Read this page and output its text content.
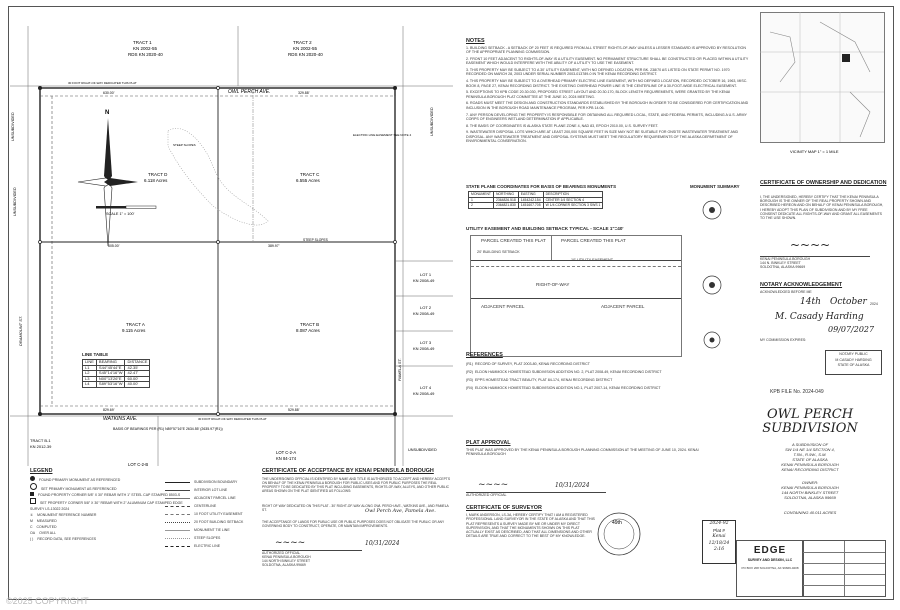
N
SCALE 1" = 100'
630.00'	329.88'
829.69'	529.88'
605.00'	389.97'
30 FOOT RIGHT-OF-WAY DEDICATED THIS PLAT
30 FOOT RIGHT-OF-WAY DEDICATED THIS PLAT
BASIS OF BEARINGS PER (R1) N89°57'16"E 2634.55' (2635.97'(R1))
OWL PERCH AVE.
WATKINS AVE.
DRAMOUNT ST.
PAMELA ST.
UNSUBDIVIDED
UNSUBDIVIDED
UNSUBDIVIDED
UNSUBDIVIDED
STEEP SLOPES
STEEP SLOPES
ELECTRIC LINE EASEMENT SEE NOTE 4
TRACT 1
KN 2002-55
RDS KN 2020-40
TRACT 2
KN 2002-55
RDS KN 2020-40
TRACT D
6.118 Acres
TRACT C
6.555 Acres
TRACT A
9.115 Acres
TRACT B
8.087 Acres
LOT 1
KN 2008-49
LOT 2
KN 2008-49
LOT 3
KN 2008-49
LOT 4
KN 2008-49
LOT C-2-A
KN 84-174
LOT C-2-B
TRACT B-1
KN 2012-39
LINE TABLE
LINE	BEARING	DISTANCE
L1	S44°45'44"E	42.35'
L2	S45°14'16"W	42.47'
L3	N00°13'26"E	60.00'
L4	S89°53'16"W	40.00'
NOTES
1. BUILDING SETBACK - A SETBACK OF 20 FEET IS REQUIRED FROM ALL STREET RIGHTS-OF-WAY UNLESS A LESSER STANDARD IS APPROVED BY RESOLUTION OF THE APPROPRIATE PLANNING COMMISSION.
2. FRONT 10 FEET ADJACENT TO RIGHTS-OF-WAY IS A UTILITY EASEMENT. NO PERMANENT STRUCTURE SHALL BE CONSTRUCTED OR PLACED WITHIN A UTILITY EASEMENT WHICH WOULD INTERFERE WITH THE ABILITY OF A UTILITY TO USE THE EASEMENT.
3. THIS PROPERTY MAY BE SUBJECT TO A 30' UTILITY EASEMENT, WITH NO DEFINED LOCATION, PER BK. 238/70 AS LISTED ON STATE PERMIT NO. 1970 RECORDED ON MARCH 28, 2003 UNDER SERIAL NUMBER 2003-013789-0 IN THE KENAI RECORDING DISTRICT.
4. THIS PROPERTY MAY BE SUBJECT TO A OVERHEAD PRIMARY ELECTRIC LINE EASEMENT, WITH NO DEFINED LOCATION, RECORDED OCTOBER 16, 1963, MISC. BOOK 8, PAGE 27, KENAI RECORDING DISTRICT. THE EXISTING OVERHEAD POWER LINE IS THE CENTERLINE OF A 30-FOOT-WIDE ELECTRICAL EASEMENT.
5. EXCEPTIONS TO KPB CODE 20.30.030, PROPOSED STREET LAYOUT AND 20.30.170, BLOCK LENGTH REQUIREMENTS, WERE GRANTED BY THE KENAI PENINSULA BOROUGH PLAT COMMITTEE AT THE JUNE 10, 2024 MEETING.
6. ROADS MUST MEET THE DESIGN AND CONSTRUCTION STANDARDS ESTABLISHED BY THE BOROUGH IN ORDER TO BE CONSIDERED FOR CERTIFICATION AND INCLUSION IN THE BOROUGH ROAD MAINTENANCE PROGRAM, PER KPB 14.06.
7. ANY PERSON DEVELOPING THE PROPERTY IS RESPONSIBLE FOR OBTAINING ALL REQUIRED LOCAL, STATE, AND FEDERAL PERMITS, INCLUDING A U.S. ARMY CORPS OF ENGINEERS WETLAND DETERMINATION IF APPLICABLE.
8. THE BASIS OF COORDINATES IS ALASKA STATE PLANE ZONE 4, NAD 83, EPOCH 2010.00, U.S. SURVEY FEET.
9. WASTEWATER DISPOSAL LOTS WHICH ARE AT LEAST 200,000 SQUARE FEET IN SIZE MAY NOT BE SUITABLE FOR ONSITE WASTEWATER TREATMENT AND DISPOSAL. ANY WASTEWATER TREATMENT AND DISPOSAL SYSTEMS MUST MEET THE REGULATORY REQUIREMENTS OF THE ALASKA DEPARTMENT OF ENVIRONMENTAL CONSERVATION.
STATE PLANE COORDINATES FOR BASIS OF BEARINGS MONUMENTS
MONUMENT	NORTHING	EASTING	DESCRIPTION
1	2364826.518	1454242.154	CENTER 1/4 SECTION 4
2	2364821.830	1451607.705	W 1/4 CORNER SECTION 3 SWS 1
MONUMENT SUMMARY
UTILITY EASEMENT AND BUILDING SETBACK TYPICAL - SCALE 1"=40'
PARCEL CREATED THIS PLAT	PARCEL CREATED THIS PLAT
20' BUILDING SETBACK
10' UTILITY EASEMENT
RIGHT-OF-WAY
ADJACENT PARCEL	ADJACENT PARCEL
REFERENCES
(R1) RECORD OF SURVEY, PLAT 2003-80, KENAI RECORDING DISTRICT
(R2) ELDON HAMMOCK HOMESTEAD SUBDIVISION ADDITION NO. 2, PLAT 2008-49, KENAI RECORDING DISTRICT
(R3) EPPS HOMESTEAD TRACT BEAUTY, PLAT 84-174, KENAI RECORDING DISTRICT
(R4) ELDON HAMMOCK HOMESTEAD SUBDIVISION ADDITION NO.1, PLAT 2007-14, KENAI RECORDING DISTRICT
PLAT APPROVAL
THIS PLAT WAS APPROVED BY THE KENAI PENINSULA BOROUGH PLANNING COMMISSION AT THE MEETING OF JUNE 10, 2024. KENAI PENINSULA BOROUGH
~~~~	10/31/2024
AUTHORIZED OFFICIAL
CERTIFICATE OF SURVEYOR
I, MARK ANDERSON, LS-3A, HEREBY CERTIFY THAT I AM A REGISTERED PROFESSIONAL LAND SURVEYOR IN THE STATE OF ALASKA AND THAT THIS PLAT REPRESENTS A SURVEY MADE BY ME OR UNDER MY DIRECT SUPERVISION, AND THAT THE MONUMENTS SHOWN ON THIS PLAT ACTUALLY EXIST AS DESCRIBED, AND THAT ALL DIMENSIONS AND OTHER DETAILS ARE TRUE AND CORRECT TO THE BEST OF MY KNOWLEDGE.
49th
LEGEND
FOUND PRIMARY MONUMENT AS REFERENCED
SET PRIMARY MONUMENT AS REFERENCED
FOUND PROPERTY CORNER 5/8" X 30" REBAR WITH 1" STEEL CAP STAMPED 8503-S
SET PROPERTY CORNER 5/8" X 30" REBAR WITH 2" ALUMINUM CAP STAMPED EDGE SURVEY LS-13022 2024
① MONUMENT REFERENCE NUMBER
M MEASURED
C COMPUTED
OA OVER ALL
( ) RECORD DATA, SEE REFERENCES
SUBDIVISION BOUNDARY
INTERIOR LOT LINE
ADJACENT PARCEL LINE
CENTERLINE
10 FOOT UTILITY EASEMENT
20 FOOT BUILDING SETBACK
MONUMENT TIE LINE
STEEP SLOPES
ELECTRIC LINE
CERTIFICATE OF ACCEPTANCE BY KENAI PENINSULA BOROUGH
THE UNDERSIGNED OFFICIAL IS IDENTIFIED BY NAME AND TITLE IS AUTHORIZED TO ACCEPT AND HEREBY ACCEPTS ON BEHALF OF THE KENAI PENINSULA BOROUGH FOR PUBLIC USES AND FOR PUBLIC PURPOSES THE REAL PROPERTY TO BE DEDICATED BY THIS PLAT INCLUDING EASEMENTS, RIGHTS-OF-WAY, ALLEYS, AND OTHER PUBLIC AREAS SHOWN ON THE PLAT IDENTIFIED AS FOLLOWS:
RIGHT OF WAY DEDICATED ON THIS PLAT - 30' RIGHT-OF-WAY ALONG OWL PERCH AVE., WATKINS AVE., AND PAMELA ST.	Owl Perch Ave, Pamela Ave.
THE ACCEPTANCE OF LANDS FOR PUBLIC USE OR PUBLIC PURPOSES DOES NOT OBLIGATE THE PUBLIC OR ANY GOVERNING BODY TO CONSTRUCT, OPERATE, OR MAINTAIN IMPROVEMENTS.
~~~~	10/31/2024
AUTHORIZED OFFICIAL
KENAI PENINSULA BOROUGH
144 NORTH BINKLEY STREET
SOLDOTNA, ALASKA 99669
VICINITY MAP 1" = 1 MILE
CERTIFICATE OF OWNERSHIP AND DEDICATION
I, THE UNDERSIGNED, HEREBY CERTIFY THAT THE KENAI PENINSULA BOROUGH IS THE OWNER OF THE REAL PROPERTY SHOWN AND DESCRIBED HEREON AND ON BEHALF OF KENAI PENINSULA BOROUGH, I HEREBY ADOPT THIS PLAN OF SUBDIVISION AND BY MY FREE CONSENT DEDICATE ALL RIGHTS-OF-WAY AND GRANT ALL EASEMENTS TO THE USE SHOWN.
~~~~
KENAI PENINSULA BOROUGH
144 N. BINKLEY STREET
SOLDOTNA, ALASKA 99669
NOTARY ACKNOWLEDGEMENT
ACKNOWLEDGED BEFORE ME
14th October 2024
M. Casady Harding
09/07/2027
MY COMMISSION EXPIRES:
NOTARY PUBLIC
M CASADY HARDING
STATE OF ALASKA
KPB FILE No. 2024-049
OWL PERCH SUBDIVISION
A SUBDIVISION OF
SW 1/4 NE 1/4 SECTION 4,
T.5N., R.9W., S.M.
STATE OF ALASKA
KENAI PENINSULA BOROUGH
KENAI RECORDING DISTRICT
OWNER:
KENAI PENINSULA BOROUGH
144 NORTH BINKLEY STREET
SOLDOTNA, ALASKA 99669
CONTAINING 40.011 ACRES
2024-92
Plat #
Kenai
12/18/24
2:16	EDGE
SURVEY AND DESIGN, LLC
PO BOX 208 SOLDOTNA, AK 99669-0208
©2025 COPYRIGHT
